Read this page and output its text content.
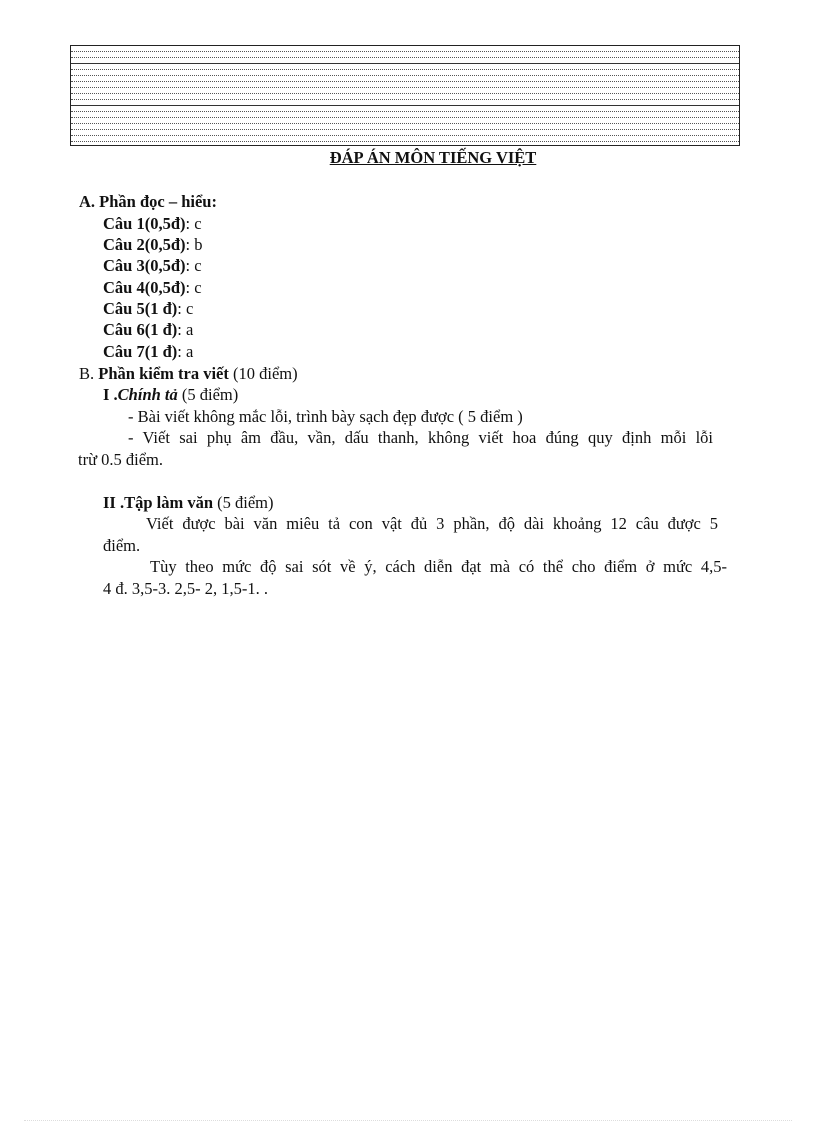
ĐÁP ÁN MÔN TIẾNG VIỆT
A. Phần đọc – hiểu:
Câu 1(0,5đ): c
Câu 2(0,5đ): b
Câu 3(0,5đ): c
Câu 4(0,5đ): c
Câu 5(1 đ): c
Câu 6(1 đ): a
Câu 7(1 đ): a
B. Phần kiểm tra viết (10 điểm)
I .Chính tả (5 điểm)
- Bài viết không mắc lỗi, trình bày sạch đẹp được ( 5 điểm )
- Viết sai phụ âm đầu, vần, dấu thanh, không viết hoa đúng quy định mỗi lỗi
trừ 0.5 điểm.
II .Tập làm văn (5 điểm)
Viết được bài văn miêu tả con vật đủ 3 phần, độ dài khoảng 12 câu được 5
điểm.
Tùy theo mức độ sai sót về ý, cách diễn đạt mà có thể cho điểm ở mức 4,5-
4 đ. 3,5-3. 2,5- 2, 1,5-1. .
